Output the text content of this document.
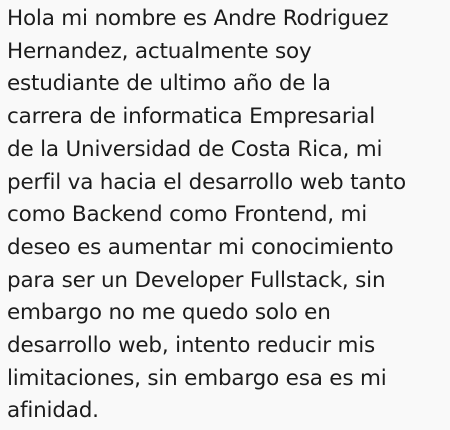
Hola mi nombre es Andre Rodriguez
Hernandez, actualmente soy
estudiante de ultimo año de la
carrera de informatica Empresarial
de la Universidad de Costa Rica, mi
perfil va hacia el desarrollo web tanto
como Backend como Frontend, mi
deseo es aumentar mi conocimiento
para ser un Developer Fullstack, sin
embargo no me quedo solo en
desarrollo web, intento reducir mis
limitaciones, sin embargo esa es mi
afinidad.
